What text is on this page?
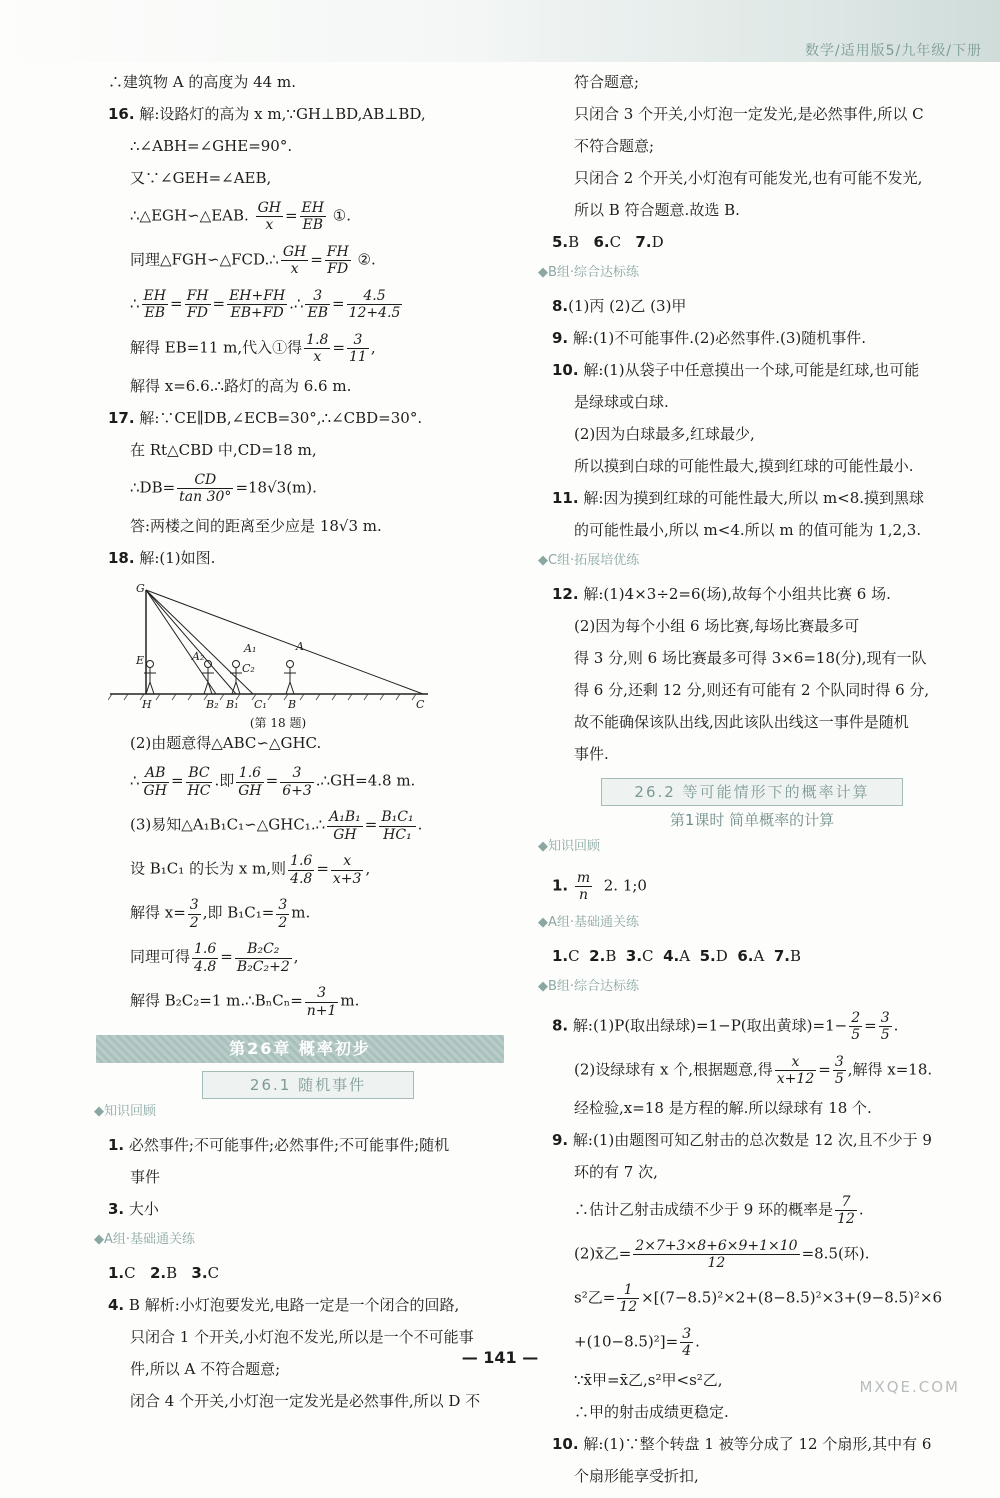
数学/适用版5/九年级/下册
∴建筑物 A 的高度为 44 m.
16. 解:设路灯的高为 x m,∵GH⊥BD,AB⊥BD,
∴∠ABH=∠GHE=90°.
又∵∠GEH=∠AEB,
∴△EGH∽△EAB. $\frac{GH}{x} = \frac{EH}{EB}$ ①.
同理△FGH∽△FCD.∴ $\frac{GH}{x} = \frac{FH}{FD}$ ②.
∴ $\frac{EH}{EB} = \frac{FH}{FD} = \frac{EH+FH}{EB+FD}$ .∴ $\frac{3}{EB} = \frac{4.5}{12+4.5}$
解得 EB=11 m,代入①得 $\frac{1.8}{x} = \frac{3}{11}$ ,
解得 x=6.6.∴路灯的高为 6.6 m.
17. 解:∵CE∥DB,∠ECB=30°,∴∠CBD=30°.
在 Rt△CBD 中,CD=18 m,
∴DB= $\frac{CD}{\tan 30^\circ} =18√3(m)$.
答:两楼之间的距离至少应是 18√3 m.
18. 解:(1)如图.
G
E	A₂
A₁
C₂
A
H	B₂ B₁ C₁ B	C
(第 18 题)
(2)由题意得△ABC∽△GHC.
∴ $\frac{AB}{GH} = \frac{BC}{HC}$ .即 $\frac{1.6}{GH} = \frac{3}{6+3}$ .∴GH=4.8 m.
(3)易知△A₁B₁C₁∽△GHC₁.∴ $\frac{\text{A₁B₁}}{GH} = \frac{\text{B₁C₁}}{\text{HC₁}}$ .
设 B₁C₁ 的长为 x m,则 $\frac{1.6}{4.8} = \frac{x}{x+3}$ ,
解得 $x= \frac{3}{2}$ ,即 $B_1C_1= \frac{3}{2} m$.
同理可得 $\frac{1.6}{4.8} = \frac{\text{B₂C₂}}{\text{B₂C₂+2}}$ ,
解得 B₂C₂=1 m.∴BₙCₙ= $\frac{3}{n+1} m$.
第26章 概率初步
26.1 随机事件
◆知识回顾
1. 必然事件;不可能事件;必然事件;不可能事件;随机
事件
3. 大小
◆A组·基础通关练
1.C 2.B 3.C
4. B 解析:小灯泡要发光,电路一定是一个闭合的回路,
只闭合 1 个开关,小灯泡不发光,所以是一个不可能事
件,所以 A 不符合题意;
闭合 4 个开关,小灯泡一定发光是必然事件,所以 D 不
符合题意;
只闭合 3 个开关,小灯泡一定发光,是必然事件,所以 C
不符合题意;
只闭合 2 个开关,小灯泡有可能发光,也有可能不发光,
所以 B 符合题意.故选 B.
5.B 6.C 7.D
◆B组·综合达标练
8.(1)丙 (2)乙 (3)甲
9. 解:(1)不可能事件.(2)必然事件.(3)随机事件.
10. 解:(1)从袋子中任意摸出一个球,可能是红球,也可能
是绿球或白球.
(2)因为白球最多,红球最少,
所以摸到白球的可能性最大,摸到红球的可能性最小.
11. 解:因为摸到红球的可能性最大,所以 m<8.摸到黑球
的可能性最小,所以 m<4.所以 m 的值可能为 1,2,3.
◆C组·拓展培优练
12. 解:(1)4×3÷2=6(场),故每个小组共比赛 6 场.
(2)因为每个小组 6 场比赛,每场比赛最多可
得 3 分,则 6 场比赛最多可得 3×6=18(分),现有一队
得 6 分,还剩 12 分,则还有可能有 2 个队同时得 6 分,
故不能确保该队出线,因此该队出线这一事件是随机
事件.
26.2 等可能情形下的概率计算
第1课时 简单概率的计算
◆知识回顾
1. $\frac{m}{n} 2$. 1;0
◆A组·基础通关练
1.C 2.B 3.C 4.A 5.D 6.A 7.B
◆B组·综合达标练
8. 解:(1)P(取出绿球)=1−P(取出黄球)$=1- \frac{2}{5} = \frac{3}{5}$ .
(2)设绿球有 x 个,根据题意,得 $\frac{x}{x+12} = \frac{3}{5}$ ,解得 x=18.
经检验,x=18 是方程的解.所以绿球有 18 个.
9. 解:(1)由题图可知乙射击的总次数是 12 次,且不少于 9
环的有 7 次,
∴估计乙射击成绩不少于 9 环的概率是 $\frac{7}{12}$ .
(2)x̄乙= $\frac{2\times 7+3\times 8+6\times 9+1\times 10}{12} =8.5$(环).
s²乙= $\frac{1}{12} \times[(7-8.5)^2\times 2+(8-8.5)^2\times 3+(9-8.5)^2\times 6$
$+(10-8.5)^2]= \frac{3}{4}$ .
∵x̄甲=x̄乙,s²甲<s²乙,
∴甲的射击成绩更稳定.
10. 解:(1)∵整个转盘 1 被等分成了 12 个扇形,其中有 6
个扇形能享受折扣,
— 141 —
MXQE.COM
